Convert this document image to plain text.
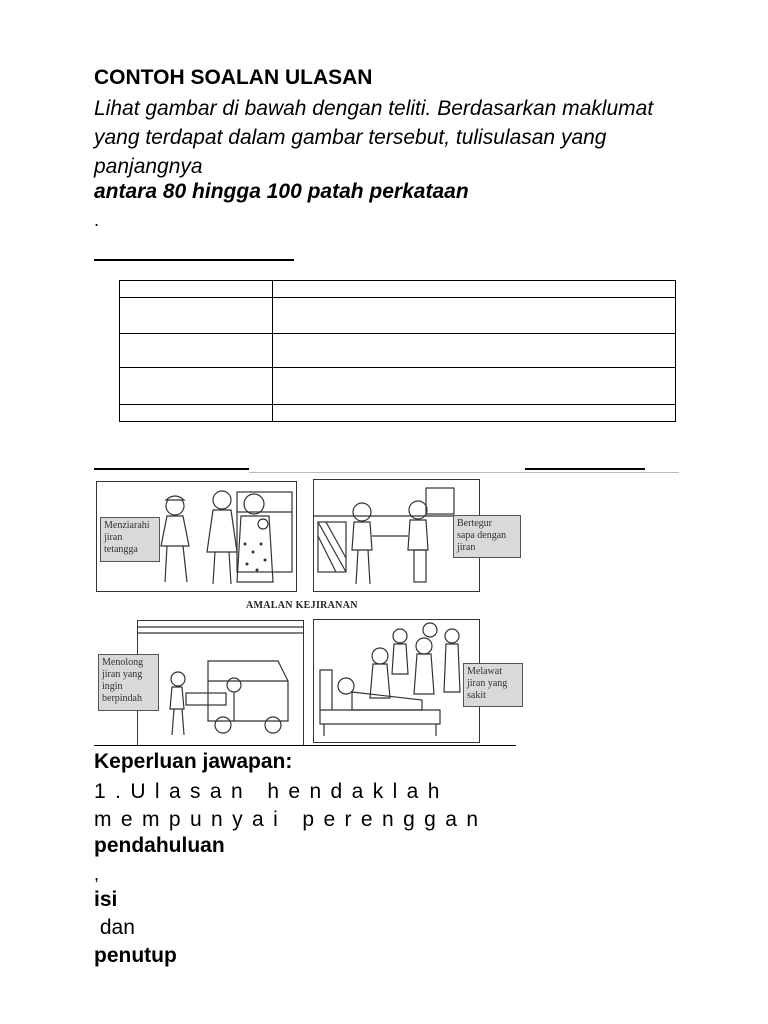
CONTOH SOALAN ULASAN
Lihat gambar di bawah dengan teliti. Berdasarkan maklumat yang terdapat dalam gambar tersebut, tulisulasan yang panjangnya
antara 80 hingga 100 patah perkataan
.

Menziarahi
jiran
tetangga
Bertegur
sapa dengan
jiran
AMALAN KEJIRANAN
Menolong
jiran yang
ingin
berpindah
Melawat
jiran yang
sakit
Keperluan jawapan:
1.Ulasan hendaklah mempunyai perenggan
pendahuluan
,
isi
dan
penutup
